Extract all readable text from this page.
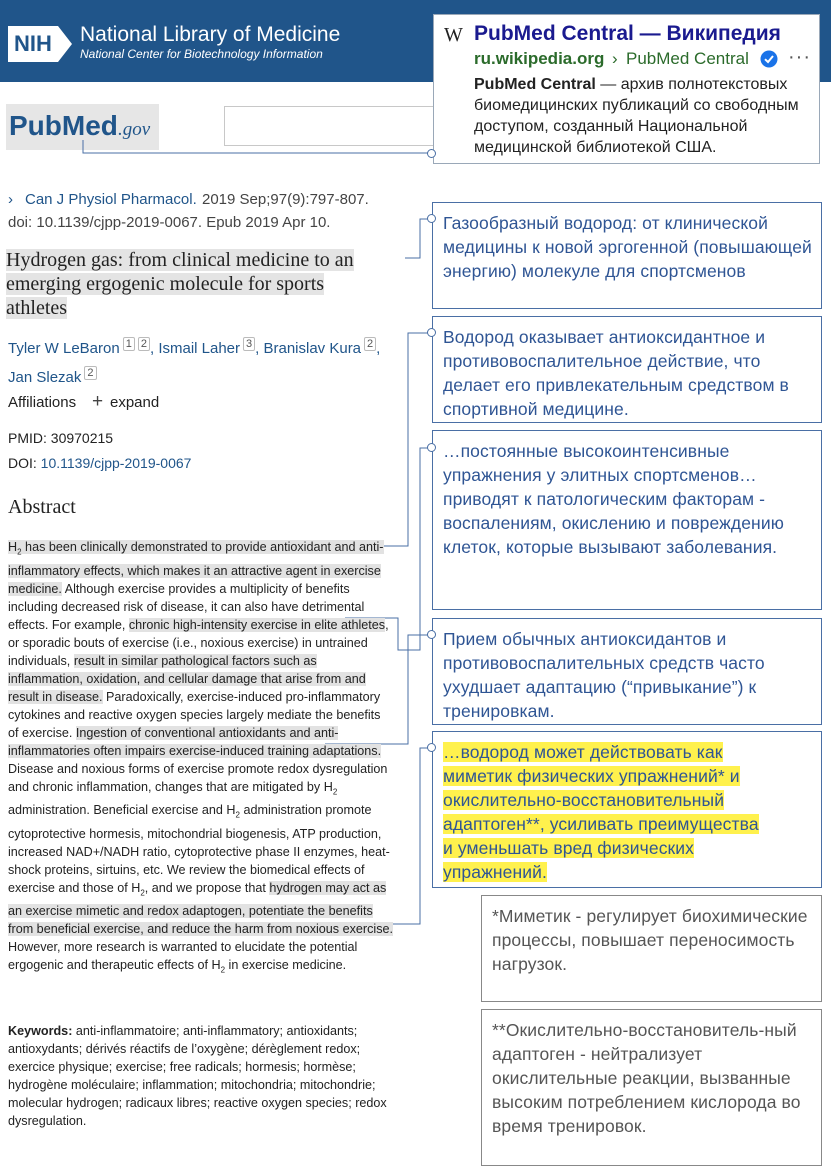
NIH National Library of Medicine
National Center for Biotechnology Information
PubMed .gov
W PubMed Central — Википедия
ru.wikipedia.org › PubMed Central ···
PubMed Central — архив полнотекстовых биомедицинских публикаций со свободным доступом, созданный Национальной медицинской библиотекой США.
› Can J Physiol Pharmacol. 2019 Sep;97(9):797-807.
doi: 10.1139/cjpp-2019-0067. Epub 2019 Apr 10.
Hydrogen gas: from clinical medicine to an
emerging ergogenic molecule for sports
athletes
Tyler W LeBaron $^1$ $^2$ , Ismail Laher $^3$ , Branislav Kura $^2$ ,
Jan Slezak $^2$
Affiliations + expand
PMID: 30970215
DOI: 10.1139/cjpp-2019-0067
Abstract
$H_2$ has been clinically demonstrated to provide antioxidant and anti-inflammatory effects, which makes it an attractive agent in exercise medicine. Although exercise provides a multiplicity of benefits including decreased risk of disease, it can also have detrimental effects. For example, chronic high-intensity exercise in elite athletes, or sporadic bouts of exercise (i.e., noxious exercise) in untrained individuals, result in similar pathological factors such as inflammation, oxidation, and cellular damage that arise from and result in disease. Paradoxically, exercise-induced pro-inflammatory cytokines and reactive oxygen species largely mediate the benefits of exercise. Ingestion of conventional antioxidants and anti-inflammatories often impairs exercise-induced training adaptations. Disease and noxious forms of exercise promote redox dysregulation and chronic inflammation, changes that are mitigated by $H_2$ administration. Beneficial exercise and $H_2$ administration promote cytoprotective hormesis, mitochondrial biogenesis, ATP production, increased NAD+/NADH ratio, cytoprotective phase II enzymes, heat-shock proteins, sirtuins, etc. We review the biomedical effects of exercise and those of $H_2$, and we propose that hydrogen may act as an exercise mimetic and redox adaptogen, potentiate the benefits from beneficial exercise, and reduce the harm from noxious exercise. However, more research is warranted to elucidate the potential ergogenic and therapeutic effects of $H_2$ in exercise medicine.
Keywords: anti-inflammatoire; anti-inflammatory; antioxidants; antioxydants; dérivés réactifs de l’oxygène; dérèglement redox; exercice physique; exercise; free radicals; hormesis; hormèse; hydrogène moléculaire; inflammation; mitochondria; mitochondrie; molecular hydrogen; radicaux libres; reactive oxygen species; redox dysregulation.
Газообразный водород: от клинической медицины к новой эргогенной (повышающей энергию) молекуле для спортсменов
Водород оказывает антиоксидантное и противовоспалительное действие, что делает его привлекательным средством в спортивной медицине.
…постоянные высокоинтенсивные упражнения у элитных спортсменов…приводят к патологическим факторам - воспалениям, окислению и повреждению клеток, которые вызывают заболевания.
Прием обычных антиоксидантов и противовоспалительных средств часто ухудшает адаптацию (“привыкание”) к тренировкам.
…водород может действовать как
миметик физических упражнений* и
окислительно-восстановительный
адаптоген**, усиливать преимущества
и уменьшать вред физических
упражнений.
*Миметик - регулирует биохимические процессы, повышает переносимость нагрузок.
**Окислительно-восстановитель-ный адаптоген - нейтрализует окислительные реакции, вызванные высоким потреблением кислорода во время тренировок.
